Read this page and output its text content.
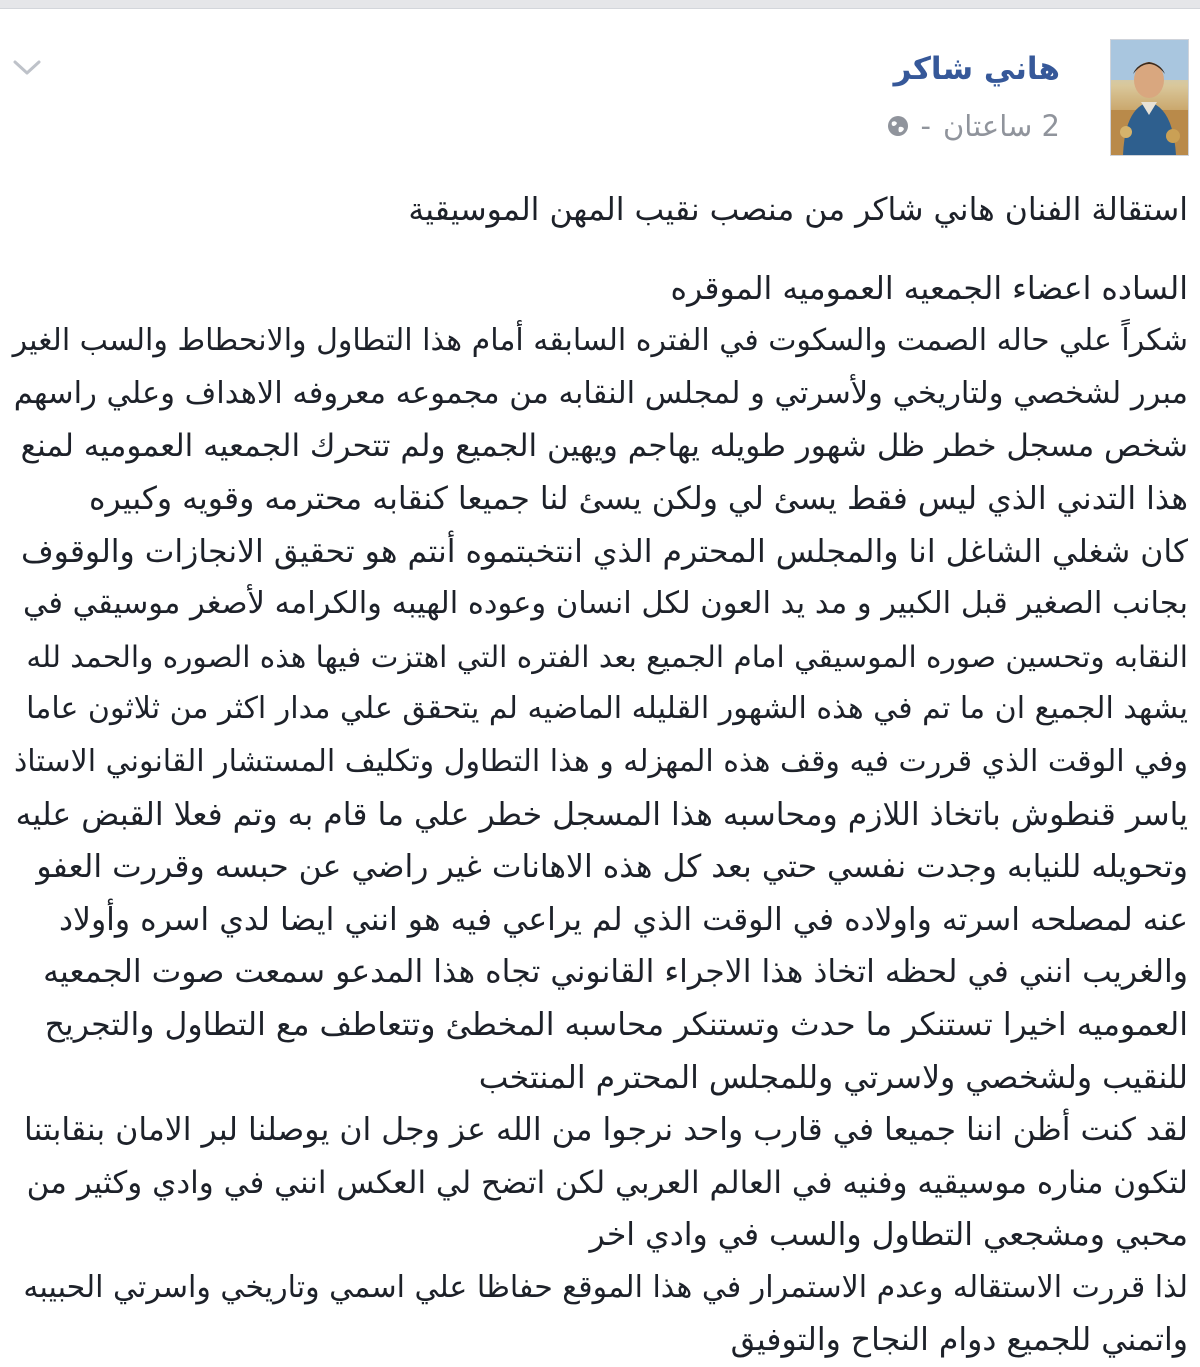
هاني شاكر
2 ساعتان
-
استقالة الفنان هاني شاكر من منصب نقيب المهن الموسيقية
الساده اعضاء الجمعيه العموميه الموقره
شكراً علي حاله الصمت والسكوت في الفتره السابقه أمام هذا التطاول والانحطاط والسب الغير
مبرر لشخصي ولتاريخي ولأسرتي و لمجلس النقابه من مجموعه معروفه الاهداف وعلي راسهم
شخص مسجل خطر ظل شهور طويله يهاجم ويهين الجميع ولم تتحرك الجمعيه العموميه لمنع
هذا التدني الذي ليس فقط يسئ لي ولكن يسئ لنا جميعا كنقابه محترمه وقويه وكبيره
كان شغلي الشاغل انا والمجلس المحترم الذي انتخبتموه أنتم هو تحقيق الانجازات والوقوف
بجانب الصغير قبل الكبير و مد يد العون لكل انسان وعوده الهيبه والكرامه لأصغر موسيقي في
النقابه وتحسين صوره الموسيقي امام الجميع بعد الفتره التي اهتزت فيها هذه الصوره والحمد لله
يشهد الجميع ان ما تم في هذه الشهور القليله الماضيه لم يتحقق علي مدار اكثر من ثلاثون عاما
وفي الوقت الذي قررت فيه وقف هذه المهزله و هذا التطاول وتكليف المستشار القانوني الاستاذ
ياسر قنطوش باتخاذ اللازم ومحاسبه هذا المسجل خطر علي ما قام به وتم فعلا القبض عليه
وتحويله للنيابه وجدت نفسي حتي بعد كل هذه الاهانات غير راضي عن حبسه وقررت العفو
عنه لمصلحه اسرته واولاده في الوقت الذي لم يراعي فيه هو انني ايضا لدي اسره وأولاد
والغريب انني في لحظه اتخاذ هذا الاجراء القانوني تجاه هذا المدعو سمعت صوت الجمعيه
العموميه اخيرا تستنكر ما حدث وتستنكر محاسبه المخطئ وتتعاطف مع التطاول والتجريح
للنقيب ولشخصي ولاسرتي وللمجلس المحترم المنتخب
لقد كنت أظن اننا جميعا في قارب واحد نرجوا من الله عز وجل ان يوصلنا لبر الامان بنقابتنا
لتكون مناره موسيقيه وفنيه في العالم العربي لكن اتضح لي العكس انني في وادي وكثير من
محبي ومشجعي التطاول والسب في وادي اخر
لذا قررت الاستقاله وعدم الاستمرار في هذا الموقع حفاظا علي اسمي وتاريخي واسرتي الحبيبه
واتمني للجميع دوام النجاح والتوفيق
